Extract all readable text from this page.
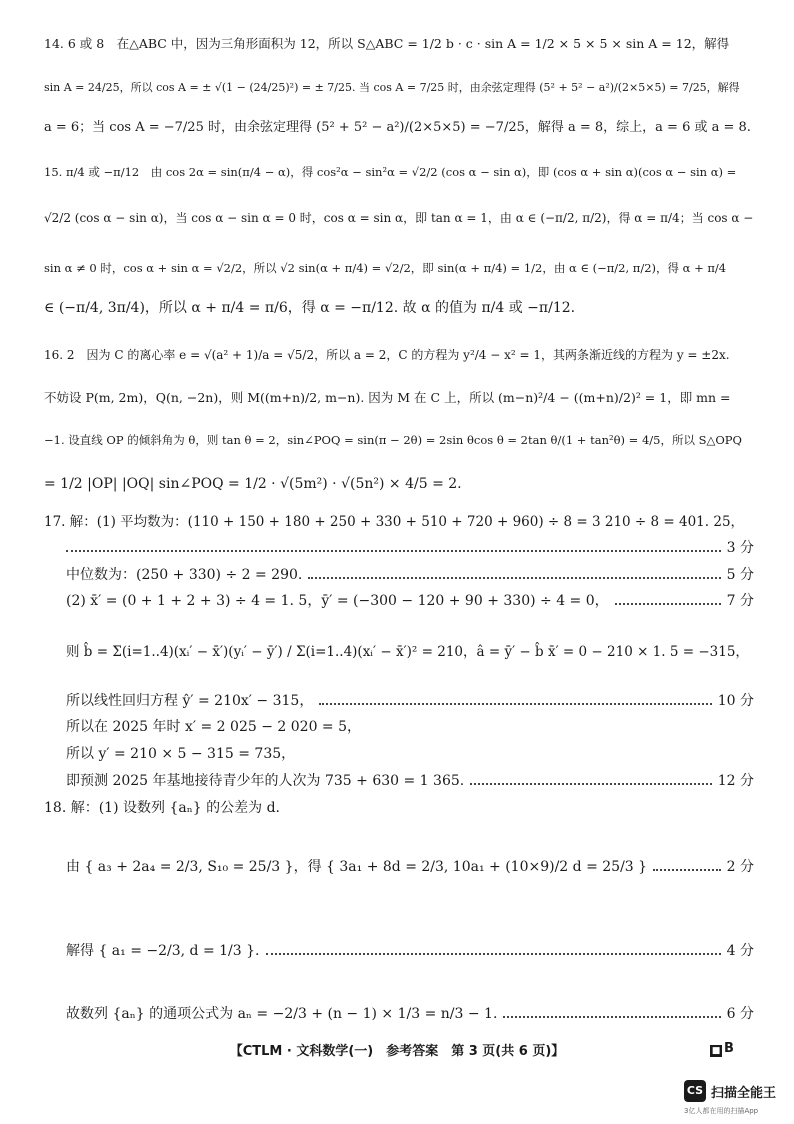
14. 6 或 8　在△ABC 中，因为三角形面积为 12，所以 S△ABC = 1/2 b · c · sin A = 1/2 × 5 × 5 × sin A = 12，解得
sin A = 24/25，所以 cos A = ± √(1 − (24/25)²) = ± 7/25. 当 cos A = 7/25 时，由余弦定理得 (5² + 5² − a²)/(2×5×5) = 7/25，解得
a = 6；当 cos A = −7/25 时，由余弦定理得 (5² + 5² − a²)/(2×5×5) = −7/25，解得 a = 8，综上，a = 6 或 a = 8.
15. π/4 或 −π/12　由 cos 2α = sin(π/4 − α)，得 cos²α − sin²α = √2/2 (cos α − sin α)，即 (cos α + sin α)(cos α − sin α) =
√2/2 (cos α − sin α)，当 cos α − sin α = 0 时，cos α = sin α，即 tan α = 1，由 α ∈ (−π/2, π/2)，得 α = π/4；当 cos α −
sin α ≠ 0 时，cos α + sin α = √2/2，所以 √2 sin(α + π/4) = √2/2，即 sin(α + π/4) = 1/2，由 α ∈ (−π/2, π/2)，得 α + π/4
∈ (−π/4, 3π/4)，所以 α + π/4 = π/6，得 α = −π/12. 故 α 的值为 π/4 或 −π/12.
16. 2　因为 C 的离心率 e = √(a² + 1)/a = √5/2，所以 a = 2，C 的方程为 y²/4 − x² = 1，其两条渐近线的方程为 y = ±2x.
不妨设 P(m, 2m)，Q(n, −2n)，则 M((m+n)/2, m−n). 因为 M 在 C 上，所以 (m−n)²/4 − ((m+n)/2)² = 1，即 mn =
−1. 设直线 OP 的倾斜角为 θ，则 tan θ = 2，sin∠POQ = sin(π − 2θ) = 2sin θcos θ = 2tan θ/(1 + tan²θ) = 4/5，所以 S△OPQ
= 1/2 |OP| |OQ| sin∠POQ = 1/2 · √(5m²) · √(5n²) × 4/5 = 2.
17. 解：(1) 平均数为：(110 + 150 + 180 + 250 + 330 + 510 + 720 + 960) ÷ 8 = 3 210 ÷ 8 = 401. 25，
3 分
中位数为：(250 + 330) ÷ 2 = 290.	5 分
(2) x̄′ = (0 + 1 + 2 + 3) ÷ 4 = 1. 5，ȳ′ = (−300 − 120 + 90 + 330) ÷ 4 = 0，	7 分
则 b̂ = Σ(i=1..4)(xᵢ′ − x̄′)(yᵢ′ − ȳ′) / Σ(i=1..4)(xᵢ′ − x̄′)² = 210，â = ȳ′ − b̂ x̄′ = 0 − 210 × 1. 5 = −315，
所以线性回归方程 ŷ′ = 210x′ − 315，	10 分
所以在 2025 年时 x′ = 2 025 − 2 020 = 5，
所以 y′ = 210 × 5 − 315 = 735，
即预测 2025 年基地接待青少年的人次为 735 + 630 = 1 365.	12 分
18. 解：(1) 设数列 {aₙ} 的公差为 d.
由 { a₃ + 2a₄ = 2/3, S₁₀ = 25/3 }，得 { 3a₁ + 8d = 2/3, 10a₁ + (10×9)/2 d = 25/3 }	2 分
解得 { a₁ = −2/3, d = 1/3 }.	4 分
故数列 {aₙ} 的通项公式为 aₙ = −2/3 + (n − 1) × 1/3 = n/3 − 1.	6 分
【CTLM · 文科数学(一)　参考答案　第 3 页(共 6 页)】	■ B
CS 扫描全能王
3亿人都在用的扫描App
